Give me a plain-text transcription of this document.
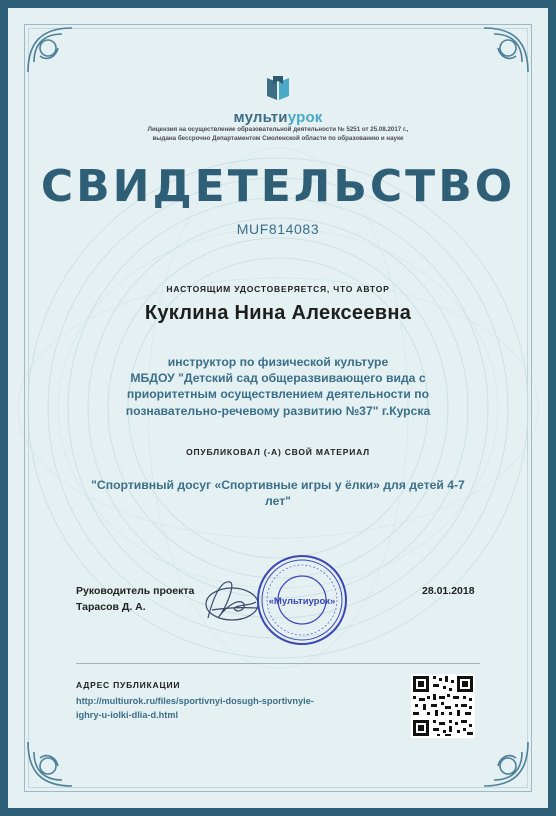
мультиурок
Лицензия на осуществление образовательной деятельности № 5251 от 25.08.2017 г.,
выдана бессрочно Департаментом Смоленской области по образованию и науке
СВИДЕТЕЛЬСТВО
MUF814083
НАСТОЯЩИМ УДОСТОВЕРЯЕТСЯ, ЧТО АВТОР
Куклина Нина Алексеевна
инструктор по физической культуре
МБДОУ "Детский сад общеразвивающего вида с
приоритетным осуществлением деятельности по
познавательно-речевому развитию №37" г.Курска
ОПУБЛИКОВАЛ (-А) СВОЙ МАТЕРИАЛ
"Спортивный досуг «Спортивные игры у ёлки» для детей 4-7
лет"
Руководитель проекта
Тарасов Д. А.
28.01.2018
«Мультиурок»
АДРЕС ПУБЛИКАЦИИ
http://multiurok.ru/files/sportivnyi-dosugh-sportivnyie-
ighry-u-iolki-dlia-d.html
